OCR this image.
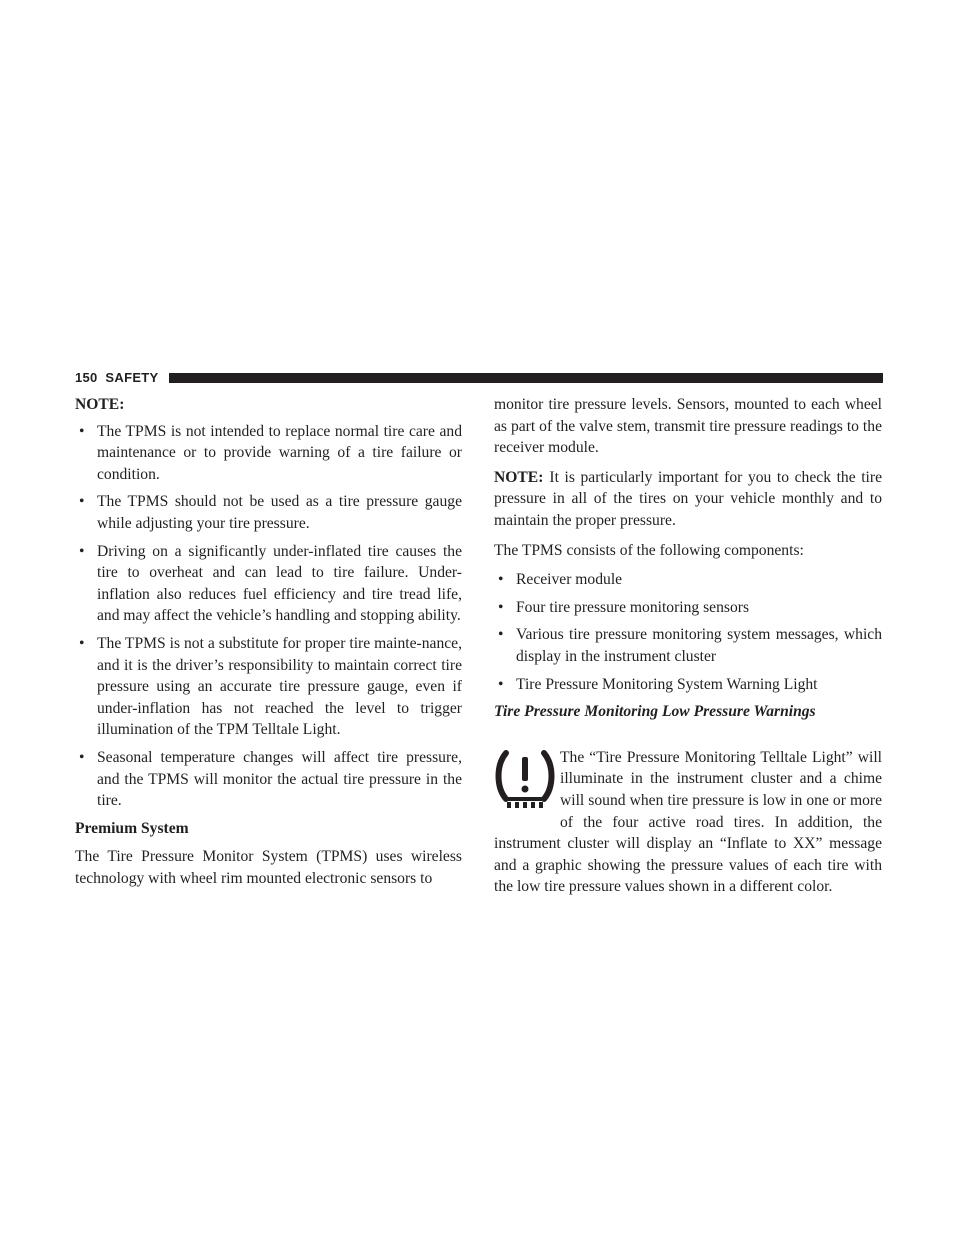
150 SAFETY

NOTE:

• The TPMS is not intended to replace normal tire care and maintenance or to provide warning of a tire failure or condition.
• The TPMS should not be used as a tire pressure gauge while adjusting your tire pressure.
• Driving on a significantly under-inflated tire causes the tire to overheat and can lead to tire failure. Under-inflation also reduces fuel efficiency and tire tread life, and may affect the vehicle’s handling and stopping ability.
• The TPMS is not a substitute for proper tire mainte-nance, and it is the driver’s responsibility to maintain correct tire pressure using an accurate tire pressure gauge, even if under-inflation has not reached the level to trigger illumination of the TPM Telltale Light.
• Seasonal temperature changes will affect tire pressure, and the TPMS will monitor the actual tire pressure in the tire.

Premium System

The Tire Pressure Monitor System (TPMS) uses wireless technology with wheel rim mounted electronic sensors to

monitor tire pressure levels. Sensors, mounted to each wheel as part of the valve stem, transmit tire pressure readings to the receiver module.

NOTE: It is particularly important for you to check the tire pressure in all of the tires on your vehicle monthly and to maintain the proper pressure.

The TPMS consists of the following components:

• Receiver module
• Four tire pressure monitoring sensors
• Various tire pressure monitoring system messages, which display in the instrument cluster
• Tire Pressure Monitoring System Warning Light

Tire Pressure Monitoring Low Pressure Warnings

The “Tire Pressure Monitoring Telltale Light” will illuminate in the instrument cluster and a chime will sound when tire pressure is low in one or more of the four active road tires. In addition, the instrument cluster will display an “Inflate to XX” message and a graphic showing the pressure values of each tire with the low tire pressure values shown in a different color.
